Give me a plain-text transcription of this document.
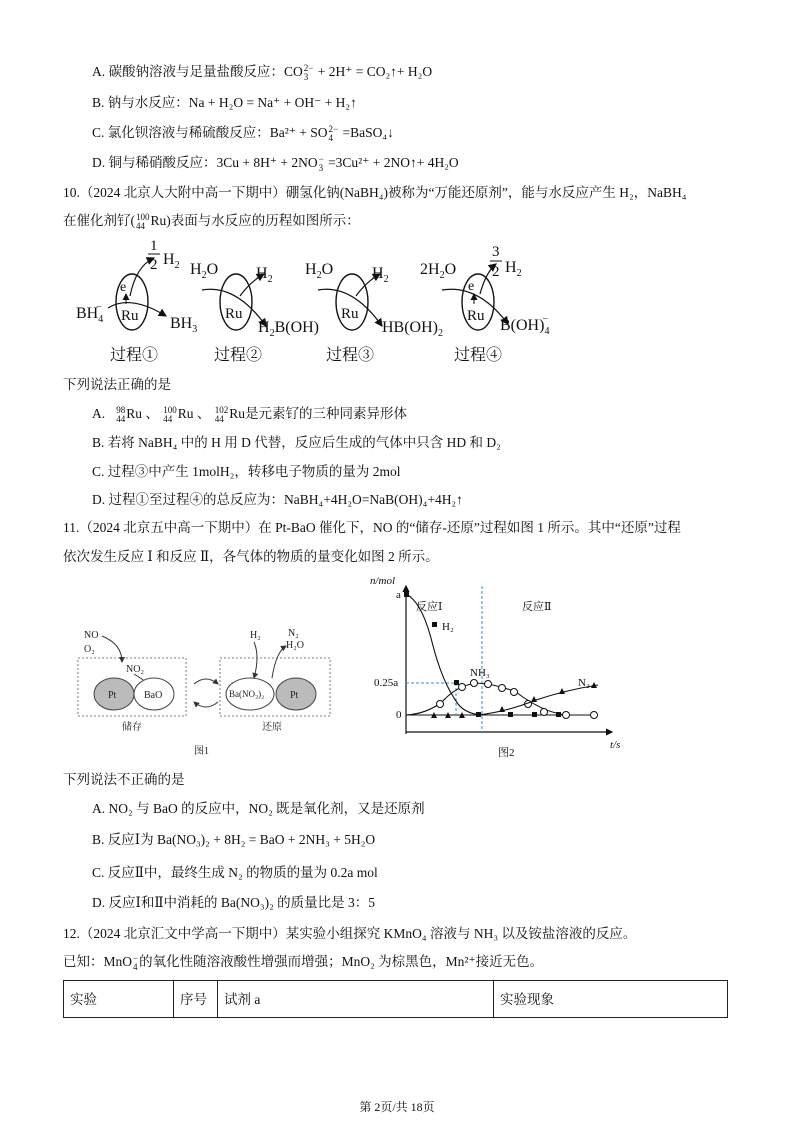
A. 碳酸钠溶液与足量盐酸反应：CO 2−
3 + 2H⁺ = CO₂↑+ H₂O
B. 钠与水反应：Na + H₂O = Na⁺ + OH⁻ + H₂↑
C. 氯化钡溶液与稀硫酸反应：Ba²⁺ + SO 2−
4 =BaSO₄↓
D. 铜与稀硝酸反应：3Cu + 8H⁺ + 2NO −
3 =3Cu²⁺ + 2NO↑+ 4H₂O
10.（2024 北京人大附中高一下期中）硼氢化钠(NaBH₄)被称为“万能还原剂”，能与水反应产生 H₂，NaBH₄
在催化剂钌( 100
44 Ru)表面与水反应的历程如图所示：
$BH_4-$
Ru
e
1
2 $H_2$
$BH_3$
过程①
$H_2O$ $H_2$
Ru
$H_2B(OH)$
过程②
$H_2O$ $H_2$
Ru
$HB(OH)_2$
过程③
$2H_2O$
Ru
e
3
2 $H_2$
$B(OH)_4-$
过程④
下列说法正确的是
A. 98
44 Ru 、 100
44 Ru 、 102
44 Ru是元素钌的三种同素异形体
B. 若将 NaBH₄ 中的 H 用 D 代替，反应后生成的气体中只含 HD 和 D₂
C. 过程③中产生 1molH₂，转移电子物质的量为 2mol
D. 过程①至过程④的总反应为：NaBH₄+4H₂O=NaB(OH)₄+4H₂↑
11.（2024 北京五中高一下期中）在 Pt-BaO 催化下，NO 的“储存-还原”过程如图 1 所示。其中“还原”过程
依次发生反应 Ⅰ 和反应 Ⅱ，各气体的物质的量变化如图 2 所示。
NO
O₂
NO₂
Pt	BaO
储存
H₂	N₂
H₂O
Ba(NO₃)₂	Pt
还原
图1
n/mol
t/s
a
0.25a
0
反应Ⅰ	反应Ⅱ
H₂
NH₃
N₂
图2
下列说法不正确的是
A. NO₂ 与 BaO 的反应中，NO₂ 既是氧化剂，又是还原剂
B. 反应Ⅰ为 Ba(NO₃)₂ + 8H₂ = BaO + 2NH₃ + 5H₂O
C. 反应Ⅱ中，最终生成 N₂ 的物质的量为 0.2a mol
D. 反应Ⅰ和Ⅱ中消耗的 Ba(NO₃)₂ 的质量比是 3：5
12.（2024 北京汇文中学高一下期中）某实验小组探究 KMnO₄ 溶液与 NH₃ 以及铵盐溶液的反应。
已知：MnO −
4 的氧化性随溶液酸性增强而增强；MnO₂ 为棕黑色，Mn²⁺接近无色。
实验	序号	试剂 a	实验现象
第 2页/共 18页
